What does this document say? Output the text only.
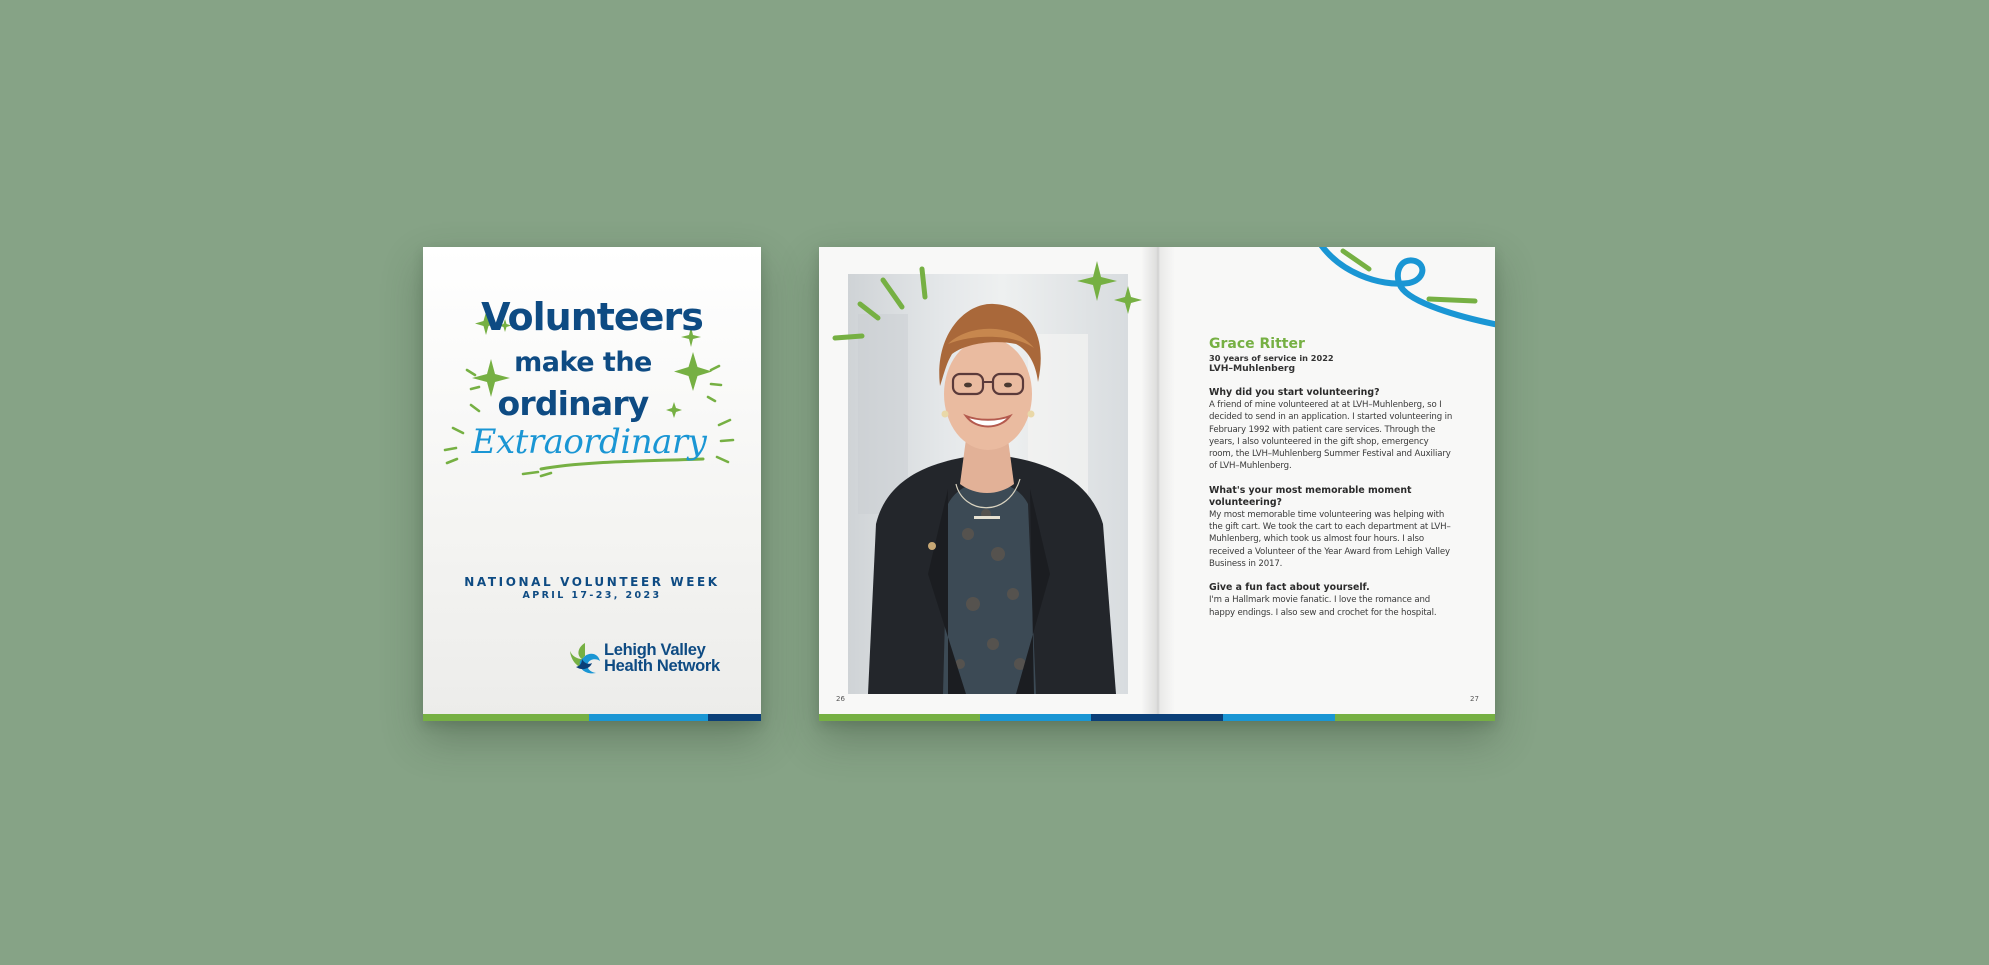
Volunteers
make the
ordinary
Extraordinary
NATIONAL VOLUNTEER WEEK
APRIL 17-23, 2023
Lehigh Valley
Health Network
Grace Ritter
30 years of service in 2022
LVH–Muhlenberg
Why did you start volunteering?
A friend of mine volunteered at at LVH–Muhlenberg, so I decided to send in an application. I started volunteering in February 1992 with patient care services. Through the years, I also volunteered in the gift shop, emergency room, the LVH–Muhlenberg Summer Festival and Auxiliary of LVH–Muhlenberg.
What's your most memorable moment volunteering?
My most memorable time volunteering was helping with the gift cart. We took the cart to each department at LVH–Muhlenberg, which took us almost four hours. I also received a Volunteer of the Year Award from Lehigh Valley Business in 2017.
Give a fun fact about yourself.
I'm a Hallmark movie fanatic. I love the romance and happy endings. I also sew and crochet for the hospital.
26	27
